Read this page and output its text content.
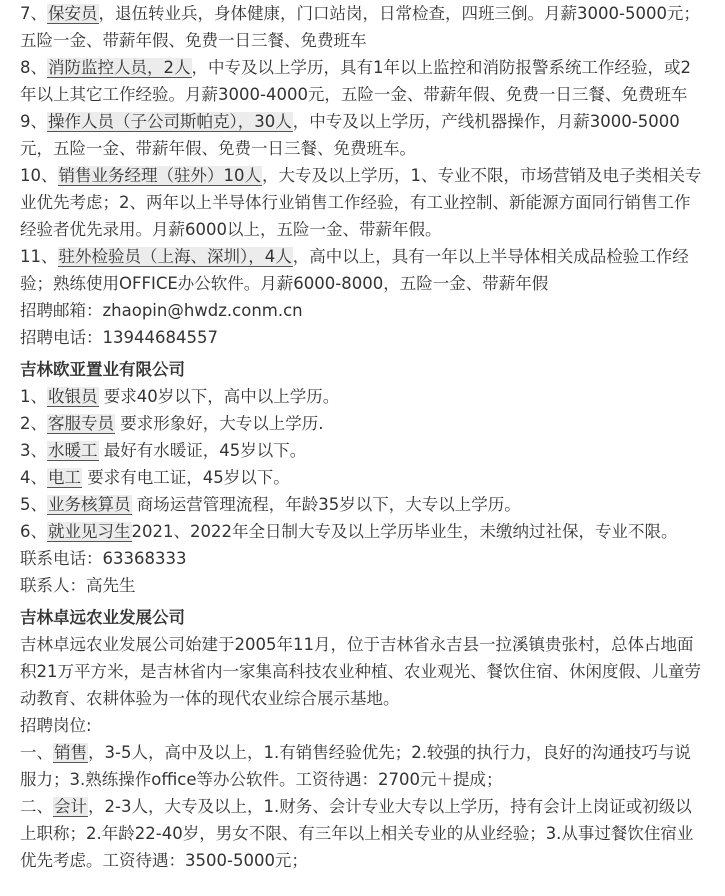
7、保安员，退伍转业兵，身体健康，门口站岗，日常检查，四班三倒。月薪3000-5000元；五险一金、带薪年假、免费一日三餐、免费班车

8、消防监控人员，2人，中专及以上学历，具有1年以上监控和消防报警系统工作经验，或2年以上其它工作经验。月薪3000-4000元，五险一金、带薪年假、免费一日三餐、免费班车

9、操作人员（子公司斯帕克），30人，中专及以上学历，产线机器操作，月薪3000-5000元，五险一金、带薪年假、免费一日三餐、免费班车。

10、销售业务经理（驻外）10人，大专及以上学历，1、专业不限，市场营销及电子类相关专业优先考虑；2、两年以上半导体行业销售工作经验，有工业控制、新能源方面同行销售工作经验者优先录用。月薪6000以上，五险一金、带薪年假。

11、驻外检验员（上海、深圳），4人，高中以上，具有一年以上半导体相关成品检验工作经验；熟练使用OFFICE办公软件。月薪6000-8000，五险一金、带薪年假

招聘邮箱：zhaopin@hwdz.conm.cn

招聘电话：13944684557

吉林欧亚置业有限公司

1、收银员 要求40岁以下，高中以上学历。

2、客服专员 要求形象好，大专以上学历.

3、水暖工 最好有水暖证，45岁以下。

4、电工 要求有电工证，45岁以下。

5、业务核算员 商场运营管理流程，年龄35岁以下，大专以上学历。

6、就业见习生2021、2022年全日制大专及以上学历毕业生，未缴纳过社保，专业不限。

联系电话：63368333

联系人：高先生

吉林卓远农业发展公司

吉林卓远农业发展公司始建于2005年11月，位于吉林省永吉县一拉溪镇贵张村，总体占地面积21万平方米，是吉林省内一家集高科技农业种植、农业观光、餐饮住宿、休闲度假、儿童劳动教育、农耕体验为一体的现代农业综合展示基地。

招聘岗位:

一、销售，3-5人，高中及以上，1.有销售经验优先；2.较强的执行力，良好的沟通技巧与说服力；3.熟练操作office等办公软件。工资待遇：2700元＋提成；

二、会计，2-3人，大专及以上，1.财务、会计专业大专以上学历，持有会计上岗证或初级以上职称；2.年龄22-40岁，男女不限、有三年以上相关专业的从业经验；3.从事过餐饮住宿业优先考虑。工资待遇：3500-5000元；
